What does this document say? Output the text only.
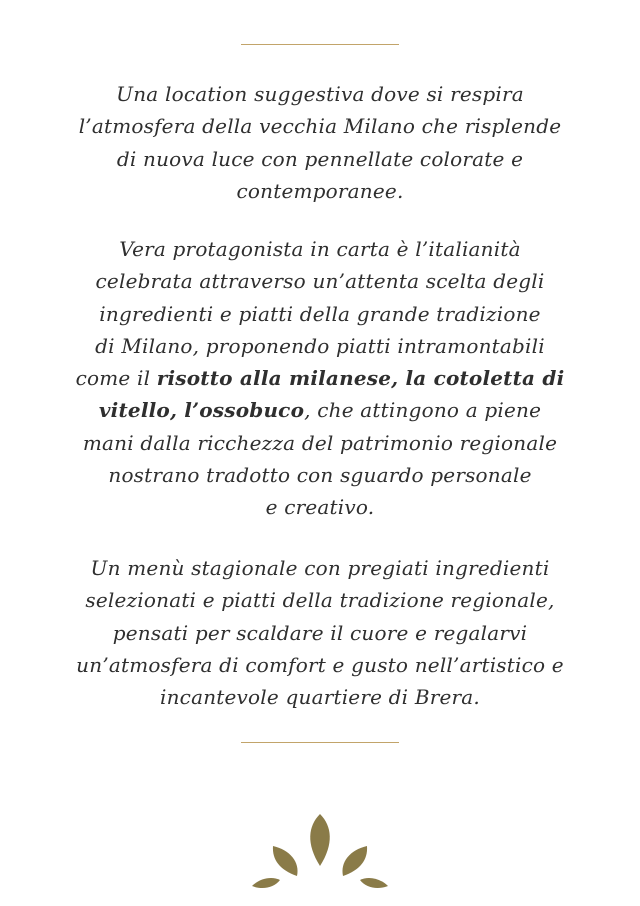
Una location suggestiva dove si respira
l’atmosfera della vecchia Milano che risplende
di nuova luce con pennellate colorate e
contemporanee.
Vera protagonista in carta è l’italianità
celebrata attraverso un’attenta scelta degli
ingredienti e piatti della grande tradizione
di Milano, proponendo piatti intramontabili
come il risotto alla milanese, la cotoletta di
vitello, l’ossobuco, che attingono a piene
mani dalla ricchezza del patrimonio regionale
nostrano tradotto con sguardo personale
e creativo.
Un menù stagionale con pregiati ingredienti
selezionati e piatti della tradizione regionale,
pensati per scaldare il cuore e regalarvi
un’atmosfera di comfort e gusto nell’artistico e
incantevole quartiere di Brera.
